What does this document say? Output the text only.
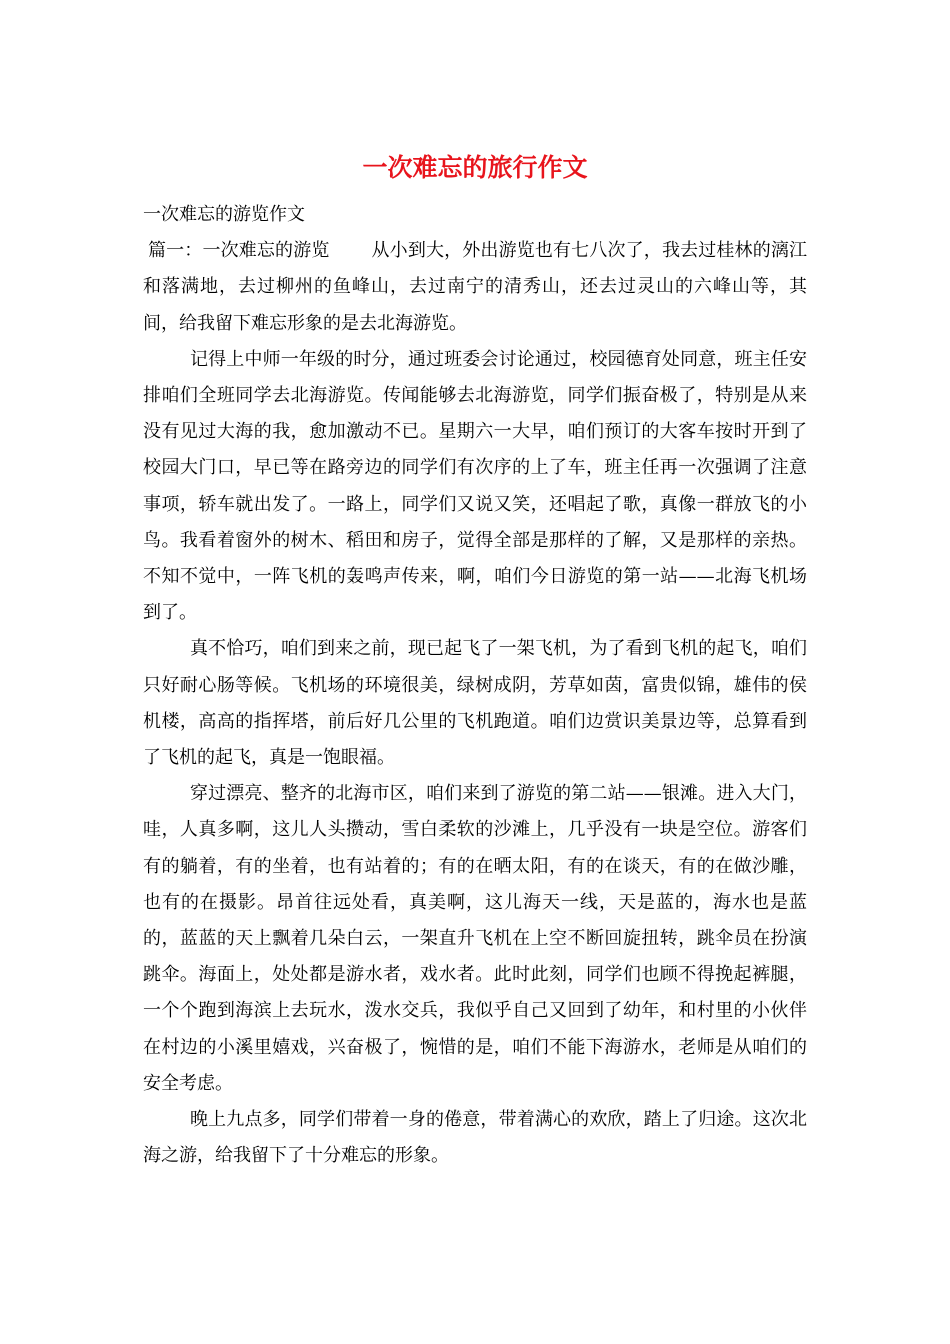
一次难忘的旅行作文

一次难忘的游览作文

篇一：一次难忘的游览 从小到大，外出游览也有七八次了，我去过桂林的漓江和落满地，去过柳州的鱼峰山，去过南宁的清秀山，还去过灵山的六峰山等，其间，给我留下难忘形象的是去北海游览。

记得上中师一年级的时分，通过班委会讨论通过，校园德育处同意，班主任安排咱们全班同学去北海游览。传闻能够去北海游览，同学们振奋极了，特别是从来没有见过大海的我，愈加激动不已。星期六一大早，咱们预订的大客车按时开到了校园大门口，早已等在路旁边的同学们有次序的上了车，班主任再一次强调了注意事项，轿车就出发了。一路上，同学们又说又笑，还唱起了歌，真像一群放飞的小鸟。我看着窗外的树木、稻田和房子，觉得全部是那样的了解，又是那样的亲热。不知不觉中，一阵飞机的轰鸣声传来，啊，咱们今日游览的第一站——北海飞机场到了。

真不恰巧，咱们到来之前，现已起飞了一架飞机，为了看到飞机的起飞，咱们只好耐心肠等候。飞机场的环境很美，绿树成阴，芳草如茵，富贵似锦，雄伟的侯机楼，高高的指挥塔，前后好几公里的飞机跑道。咱们边赏识美景边等，总算看到了飞机的起飞，真是一饱眼福。

穿过漂亮、整齐的北海市区，咱们来到了游览的第二站——银滩。进入大门，哇，人真多啊，这儿人头攒动，雪白柔软的沙滩上，几乎没有一块是空位。游客们有的躺着，有的坐着，也有站着的；有的在晒太阳，有的在谈天，有的在做沙雕，也有的在摄影。昂首往远处看，真美啊，这儿海天一线，天是蓝的，海水也是蓝的，蓝蓝的天上飘着几朵白云，一架直升飞机在上空不断回旋扭转，跳伞员在扮演跳伞。海面上，处处都是游水者，戏水者。此时此刻，同学们也顾不得挽起裤腿，一个个跑到海滨上去玩水，泼水交兵，我似乎自己又回到了幼年，和村里的小伙伴在村边的小溪里嬉戏，兴奋极了，惋惜的是，咱们不能下海游水，老师是从咱们的安全考虑。

晚上九点多，同学们带着一身的倦意，带着满心的欢欣，踏上了归途。这次北海之游，给我留下了十分难忘的形象。
